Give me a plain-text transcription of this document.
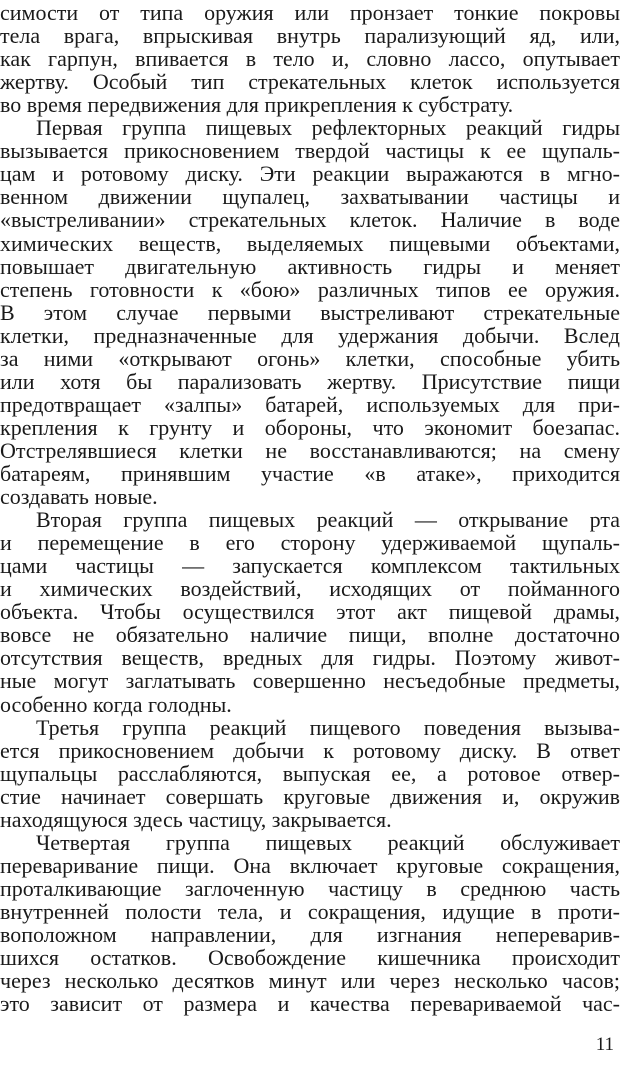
симости от типа оружия или пронзает тонкие покровы
тела врага, впрыскивая внутрь парализующий яд, или,
как гарпун, впивается в тело и, словно лассо, опутывает
жертву. Особый тип стрекательных клеток используется
во время передвижения для прикрепления к субстрату.
Первая группа пищевых рефлекторных реакций гидры
вызывается прикосновением твердой частицы к ее щупаль-
цам и ротовому диску. Эти реакции выражаются в мгно-
венном движении щупалец, захватывании частицы и
«выстреливании» стрекательных клеток. Наличие в воде
химических веществ, выделяемых пищевыми объектами,
повышает двигательную активность гидры и меняет
степень готовности к «бою» различных типов ее оружия.
В этом случае первыми выстреливают стрекательные
клетки, предназначенные для удержания добычи. Вслед
за ними «открывают огонь» клетки, способные убить
или хотя бы парализовать жертву. Присутствие пищи
предотвращает «залпы» батарей, используемых для при-
крепления к грунту и обороны, что экономит боезапас.
Отстрелявшиеся клетки не восстанавливаются; на смену
батареям, принявшим участие «в атаке», приходится
создавать новые.
Вторая группа пищевых реакций — открывание рта
и перемещение в его сторону удерживаемой щупаль-
цами частицы — запускается комплексом тактильных
и химических воздействий, исходящих от пойманного
объекта. Чтобы осуществился этот акт пищевой драмы,
вовсе не обязательно наличие пищи, вполне достаточно
отсутствия веществ, вредных для гидры. Поэтому живот-
ные могут заглатывать совершенно несъедобные предметы,
особенно когда голодны.
Третья группа реакций пищевого поведения вызыва-
ется прикосновением добычи к ротовому диску. В ответ
щупальцы расслабляются, выпуская ее, а ротовое отвер-
стие начинает совершать круговые движения и, окружив
находящуюся здесь частицу, закрывается.
Четвертая группа пищевых реакций обслуживает
переваривание пищи. Она включает круговые сокращения,
проталкивающие заглоченную частицу в среднюю часть
внутренней полости тела, и сокращения, идущие в проти-
воположном направлении, для изгнания непереварив-
шихся остатков. Освобождение кишечника происходит
через несколько десятков минут или через несколько часов;
это зависит от размера и качества перевариваемой час-
11
